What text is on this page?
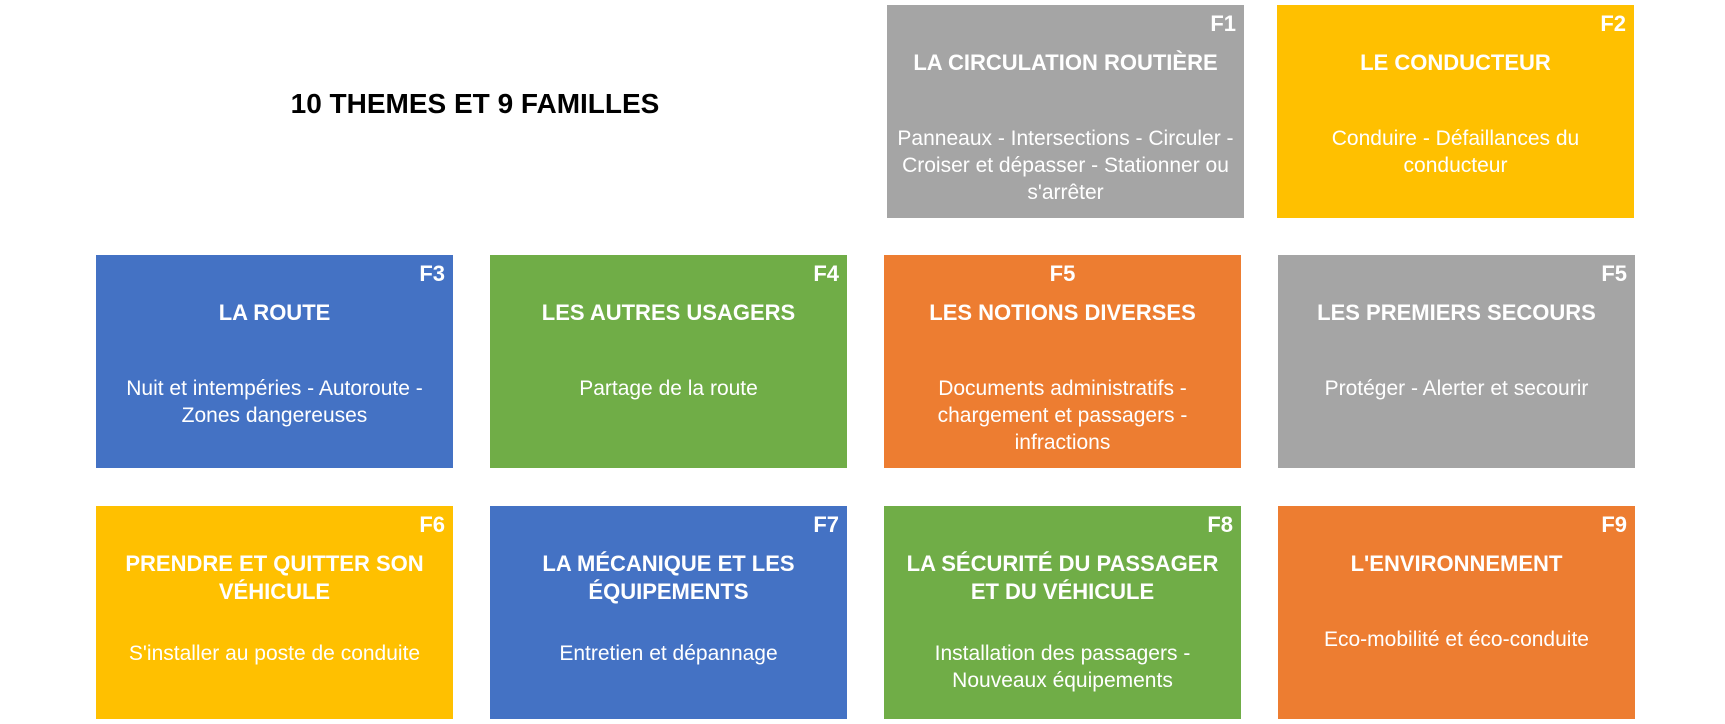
10 THEMES ET 9 FAMILLES
F1
LA CIRCULATION ROUTIÈRE
Panneaux - Intersections - Circuler - Croiser et dépasser - Stationner ou s'arrêter
F2
LE CONDUCTEUR
Conduire - Défaillances du conducteur
F3
LA ROUTE
Nuit et intempéries - Autoroute - Zones dangereuses
F4
LES AUTRES USAGERS
Partage de la route
F5
LES NOTIONS DIVERSES
Documents administratifs - chargement et passagers - infractions
F5
LES PREMIERS SECOURS
Protéger - Alerter et secourir
F6
PRENDRE ET QUITTER SON VÉHICULE
S'installer au poste de conduite
F7
LA MÉCANIQUE ET LES ÉQUIPEMENTS
Entretien et dépannage
F8
LA SÉCURITÉ DU PASSAGER ET DU VÉHICULE
Installation des passagers - Nouveaux équipements
F9
L'ENVIRONNEMENT
Eco-mobilité et éco-conduite
